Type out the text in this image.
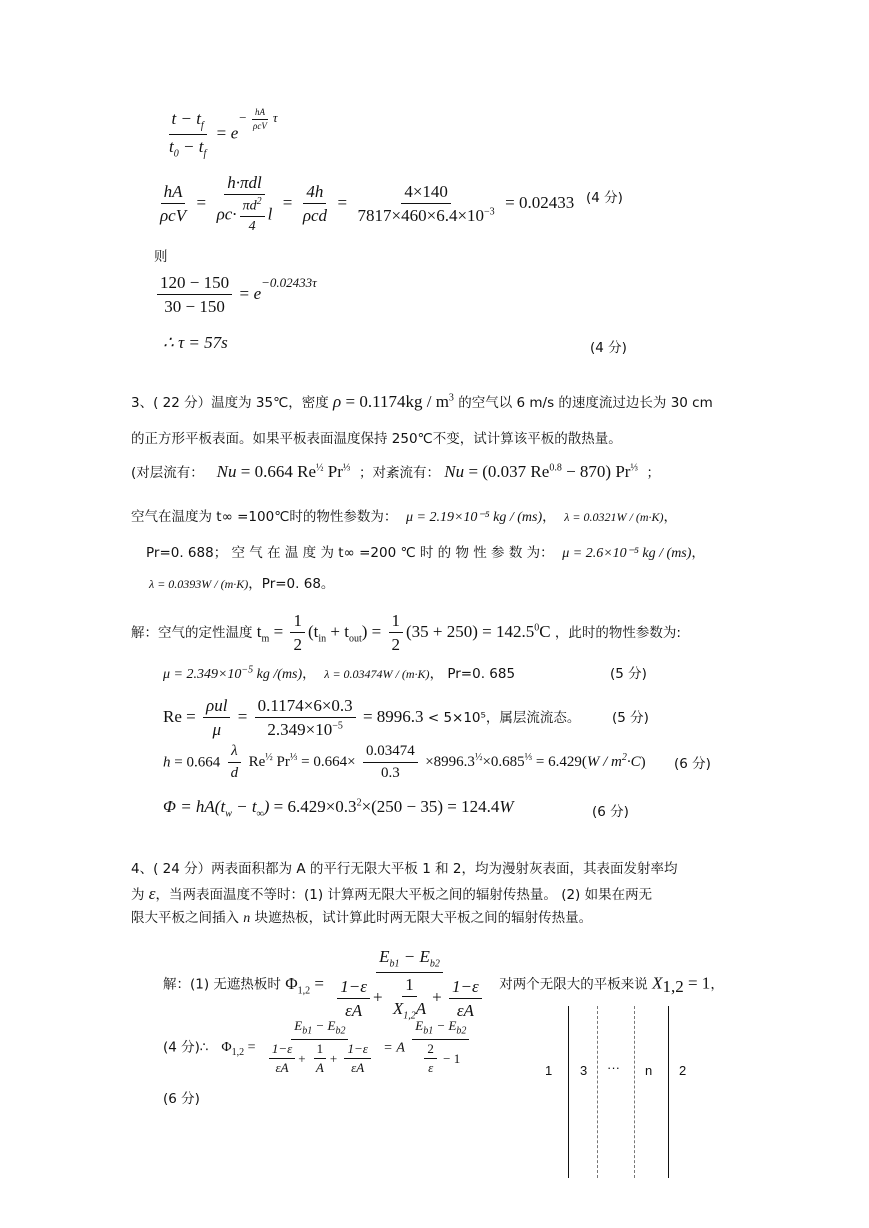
$\frac{t - t_f}{t_0 - t_f} = e- \frac{hA}{\text{ρcV}}$ τ
$\frac{hA}{\text{ρcV}} = \frac{\text{h·πdl}}{\rho c\cdot \frac{\pi d^2}{4} l} = \frac{4h}{\text{ρcd}} = \frac{4\times 140}{7817\times 460\times 6.4\times 10^{-3}} = 0.02433$ (4 分)
则
$\frac{120 - 150}{30 - 150} = e-0.02433\tau$
∴ τ = 57s	(4 分)
3、( 22 分）温度为 35℃，密度 $\rho = 0.1174kg / m^3$ 的空气以 6 m/s 的速度流过边长为 30 cm
的正方形平板表面。如果平板表面温度保持 250℃不变，试计算该平板的散热量。
(对层流有： Nu = 0.664 $Re^{\frac{1}{2}}$ $Pr^{\frac{1}{3}}$ ；对紊流有： Nu = (0.037 $Re^{0.8} - 870$) $Pr^{\frac{1}{3}}$ ；
空气在温度为 t∞ =100℃时的物性参数为： μ = 2.19×10⁻⁵ kg / (ms)，  λ = 0.0321W / (m·K)，
Pr=0. 688； 空 气 在 温 度 为 t∞ =200 ℃ 时 的 物 性 参 数 为： μ = 2.6×10⁻⁵ kg / (ms)，
λ = 0.0393W / (m·K)，Pr=0. 68。
解：空气的定性温度 $t_m = \frac{1}{2} (t_{in} + t_{out}) = \frac{1}{2} (35 + 250) = 142.5^0C$ ，此时的物性参数为:
$\mu = 2.349\times 10^{-5}$ kg /(ms)，  λ = 0.03474W / (m·K)， Pr=0. 685	(5 分)
$Re = \frac{\text{ρul}}{\mu} = \frac{0.1174\times 6\times 0.3}{2.349\times 10^{-5}} = 8996.3 < 5\times 10^5$，属层流流态。 (5 分)
$h = 0.664 \frac{\lambda}{d} Re^{\frac{1}{2}}$ $Pr^{\frac{1}{3}} = 0.664\times \frac{0.03474}{0.3} \times 8996.3^{\frac{1}{2}}\times 0.685^{\frac{1}{3}} = 6.429(W / m^2\cdot C)$ (6 分)
$\Phi = hA(t_w - t_\infty) = 6.429\times 0.3^2\times(250 - 35) = 124.4W$	(6 分)
4、( 24 分）两表面积都为 A 的平行无限大平板 1 和 2，均为漫射灰表面，其表面发射率均
为 ε，当两表面温度不等时：(1) 计算两无限大平板之间的辐射传热量。 (2) 如果在两无
限大平板之间插入 n 块遮热板，试计算此时两无限大平板之间的辐射传热量。
解：(1) 无遮热板时 $\Phi_{1,2} = \frac{E_{b1} - E_{b2}}{\frac{1-\varepsilon}{\varepsilon A} + \frac{1}{X_{1,2}A} + \frac{1-\varepsilon}{\varepsilon A}}$ 对两个无限大的平板来说 $X_{1,2} = 1$，
(4 分)∴ $\Phi_{1,2} = \frac{E_{b1} - E_{b2}}{\frac{1-\varepsilon}{\varepsilon A} + \frac{1}{A} + \frac{1-\varepsilon}{\varepsilon A}} = A \frac{E_{b1} - E_{b2}}{\frac{2}{\varepsilon} - 1}$
(6 分)
1 3 ··· n 2
